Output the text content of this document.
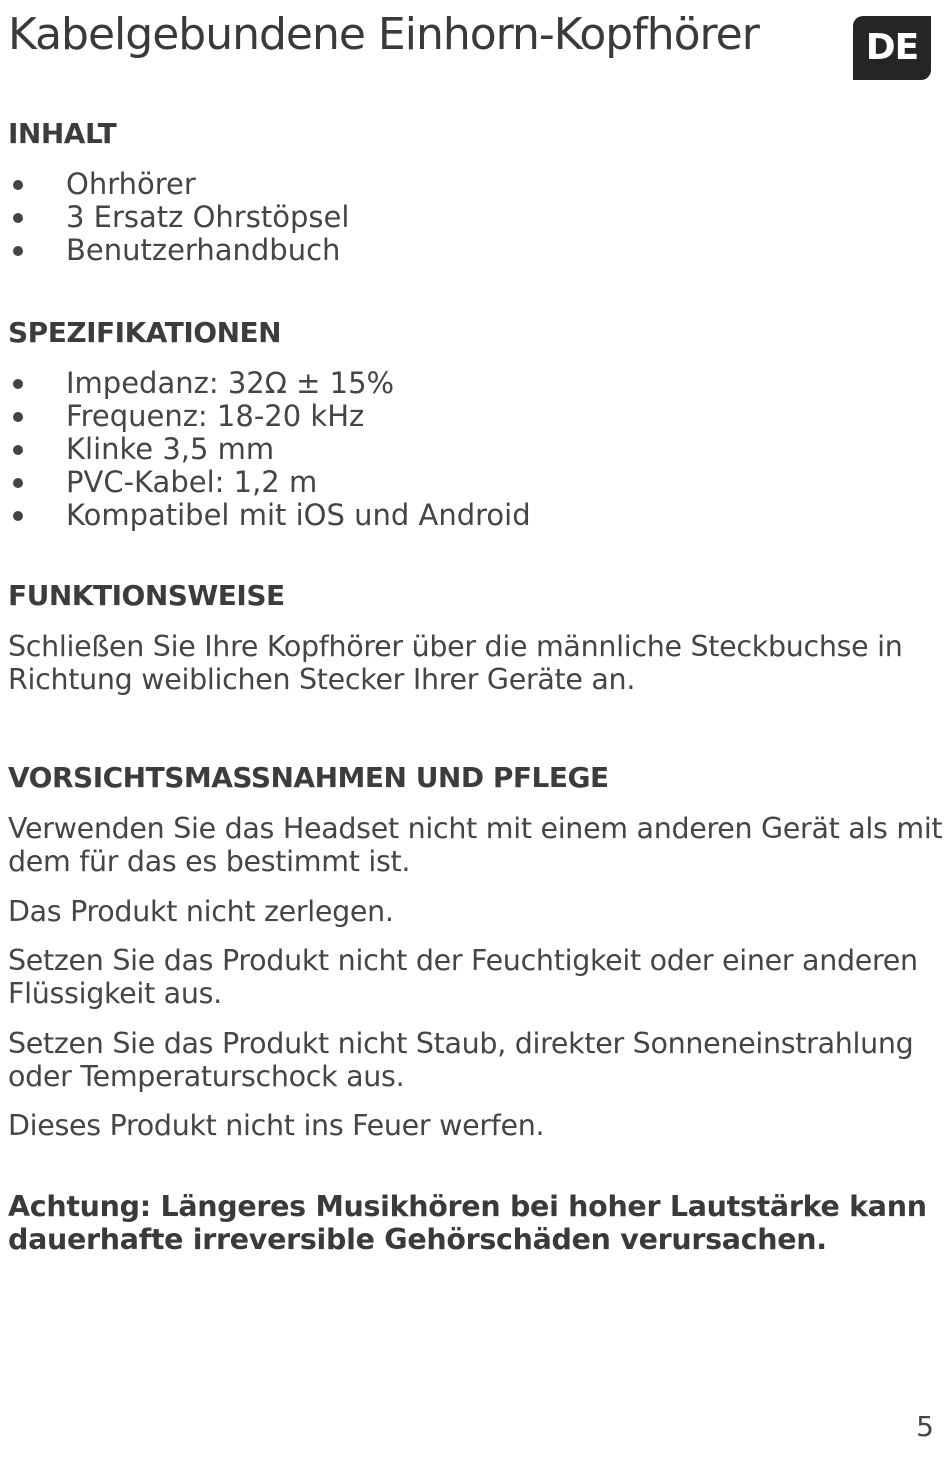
Kabelgebundene Einhorn-Kopfhörer	DE
INHALT
Ohrhörer
3 Ersatz Ohrstöpsel
Benutzerhandbuch
SPEZIFIKATIONEN
Impedanz: 32Ω ± 15%
Frequenz: 18-20 kHz
Klinke 3,5 mm
PVC-Kabel: 1,2 m
Kompatibel mit iOS und Android
FUNKTIONSWEISE

Schließen Sie Ihre Kopfhörer über die männliche Steckbuchse in Richtung weiblichen Stecker Ihrer Geräte an.

VORSICHTSMASSNAHMEN UND PFLEGE

Verwenden Sie das Headset nicht mit einem anderen Gerät als mit dem für das es bestimmt ist.

Das Produkt nicht zerlegen.

Setzen Sie das Produkt nicht der Feuchtigkeit oder einer anderen Flüssigkeit aus.

Setzen Sie das Produkt nicht Staub, direkter Sonneneinstrahlung oder Temperaturschock aus.

Dieses Produkt nicht ins Feuer werfen.

Achtung: Längeres Musikhören bei hoher Lautstärke kann dauerhafte irreversible Gehörschäden verursachen.

5
